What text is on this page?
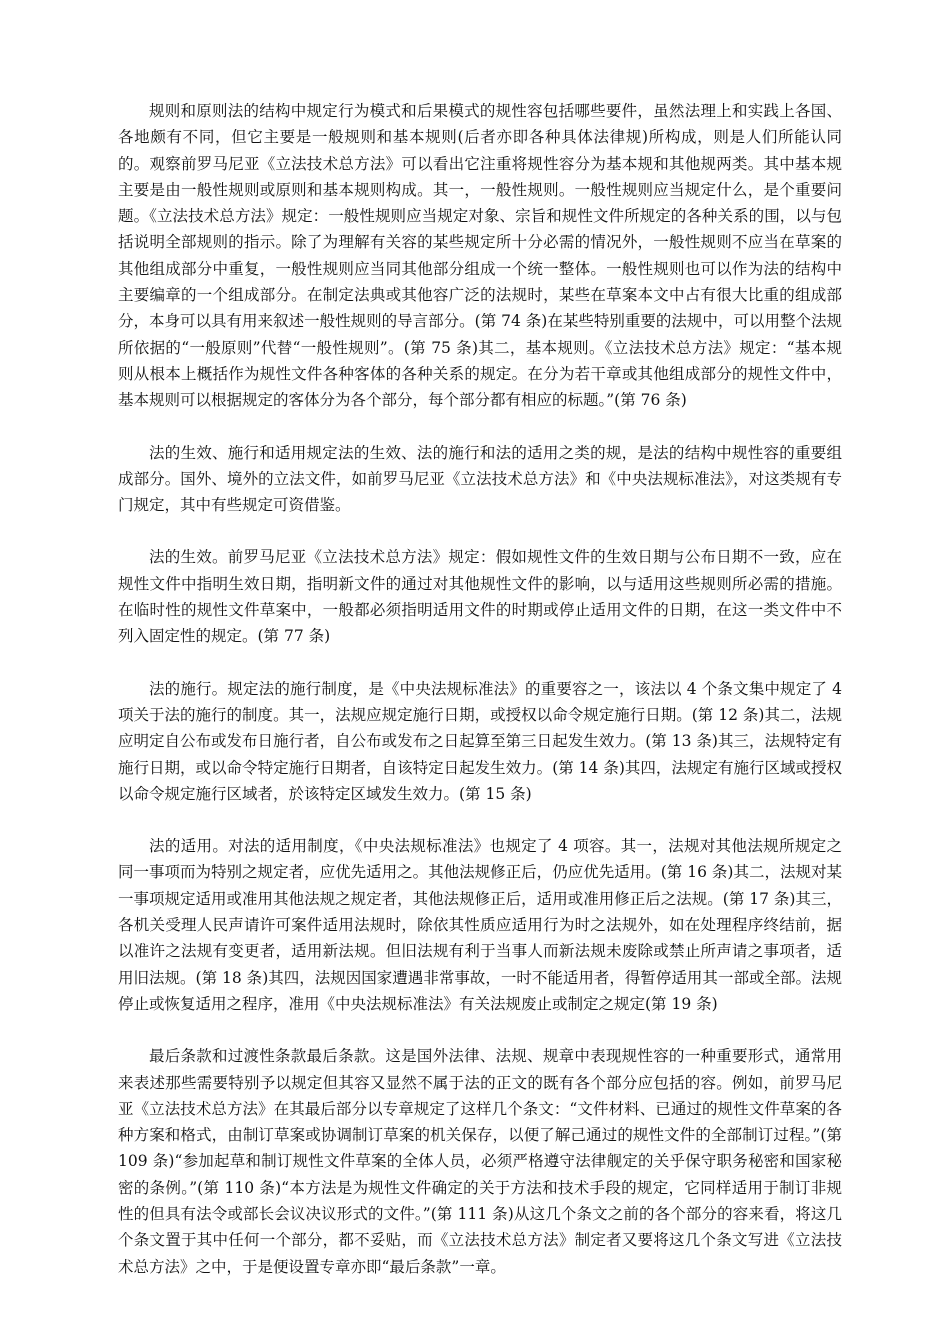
规则和原则法的结构中规定行为模式和后果模式的规性容包括哪些要件，虽然法理上和实践上各国、各地颇有不同，但它主要是一般规则和基本规则(后者亦即各种具体法律规)所构成，则是人们所能认同的。观察前罗马尼亚《立法技术总方法》可以看出它注重将规性容分为基本规和其他规两类。其中基本规主要是由一般性规则或原则和基本规则构成。其一，一般性规则。一般性规则应当规定什么，是个重要问题。《立法技术总方法》规定：一般性规则应当规定对象、宗旨和规性文件所规定的各种关系的围，以与包括说明全部规则的指示。除了为理解有关容的某些规定所十分必需的情况外，一般性规则不应当在草案的其他组成部分中重复，一般性规则应当同其他部分组成一个统一整体。一般性规则也可以作为法的结构中主要编章的一个组成部分。在制定法典或其他容广泛的法规时，某些在草案本文中占有很大比重的组成部分，本身可以具有用来叙述一般性规则的导言部分。(第 74 条)在某些特别重要的法规中，可以用整个法规所依据的“一般原则”代替“一般性规则”。(第 75 条)其二，基本规则。《立法技术总方法》规定：“基本规则从根本上概括作为规性文件各种客体的各种关系的规定。在分为若干章或其他组成部分的规性文件中，基本规则可以根据规定的客体分为各个部分，每个部分都有相应的标题。”(第 76 条)

法的生效、施行和适用规定法的生效、法的施行和法的适用之类的规，是法的结构中规性容的重要组成部分。国外、境外的立法文件，如前罗马尼亚《立法技术总方法》和《中央法规标准法》，对这类规有专门规定，其中有些规定可资借鉴。

法的生效。前罗马尼亚《立法技术总方法》规定：假如规性文件的生效日期与公布日期不一致，应在规性文件中指明生效日期，指明新文件的通过对其他规性文件的影响，以与适用这些规则所必需的措施。在临时性的规性文件草案中，一般都必须指明适用文件的时期或停止适用文件的日期，在这一类文件中不列入固定性的规定。(第 77 条)

法的施行。规定法的施行制度，是《中央法规标准法》的重要容之一，该法以 4 个条文集中规定了 4 项关于法的施行的制度。其一，法规应规定施行日期，或授权以命令规定施行日期。(第 12 条)其二，法规应明定自公布或发布日施行者，自公布或发布之日起算至第三日起发生效力。(第 13 条)其三，法规特定有施行日期，或以命令特定施行日期者，自该特定日起发生效力。(第 14 条)其四，法规定有施行区域或授权以命令规定施行区域者，於该特定区域发生效力。(第 15 条)

法的适用。对法的适用制度，《中央法规标准法》也规定了 4 项容。其一，法规对其他法规所规定之同一事项而为特别之规定者，应优先适用之。其他法规修正后，仍应优先适用。(第 16 条)其二，法规对某一事项规定适用或准用其他法规之规定者，其他法规修正后，适用或准用修正后之法规。(第 17 条)其三，各机关受理人民声请许可案件适用法规时，除依其性质应适用行为时之法规外，如在处理程序终结前，据以准许之法规有变更者，适用新法规。但旧法规有利于当事人而新法规未废除或禁止所声请之事项者，适用旧法规。(第 18 条)其四，法规因国家遭遇非常事故，一时不能适用者，得暂停适用其一部或全部。法规停止或恢复适用之程序，准用《中央法规标准法》有关法规废止或制定之规定(第 19 条)

最后条款和过渡性条款最后条款。这是国外法律、法规、规章中表现规性容的一种重要形式，通常用来表述那些需要特别予以规定但其容又显然不属于法的正文的既有各个部分应包括的容。例如，前罗马尼亚《立法技术总方法》在其最后部分以专章规定了这样几个条文：“文件材料、已通过的规性文件草案的各种方案和格式，由制订草案或协调制订草案的机关保存，以便了解己通过的规性文件的全部制订过程。”(第 109 条)“参加起草和制订规性文件草案的全体人员，必须严格遵守法律舰定的关乎保守职务秘密和国家秘密的条例。”(第 110 条)“本方法是为规性文件确定的关于方法和技术手段的规定，它同样适用于制订非规性的但具有法令或部长会议决议形式的文件。”(第 111 条)从这几个条文之前的各个部分的容来看，将这几个条文置于其中任何一个部分，都不妥贴，而《立法技术总方法》制定者又要将这几个条文写进《立法技术总方法》之中，于是便设置专章亦即“最后条款”一章。
